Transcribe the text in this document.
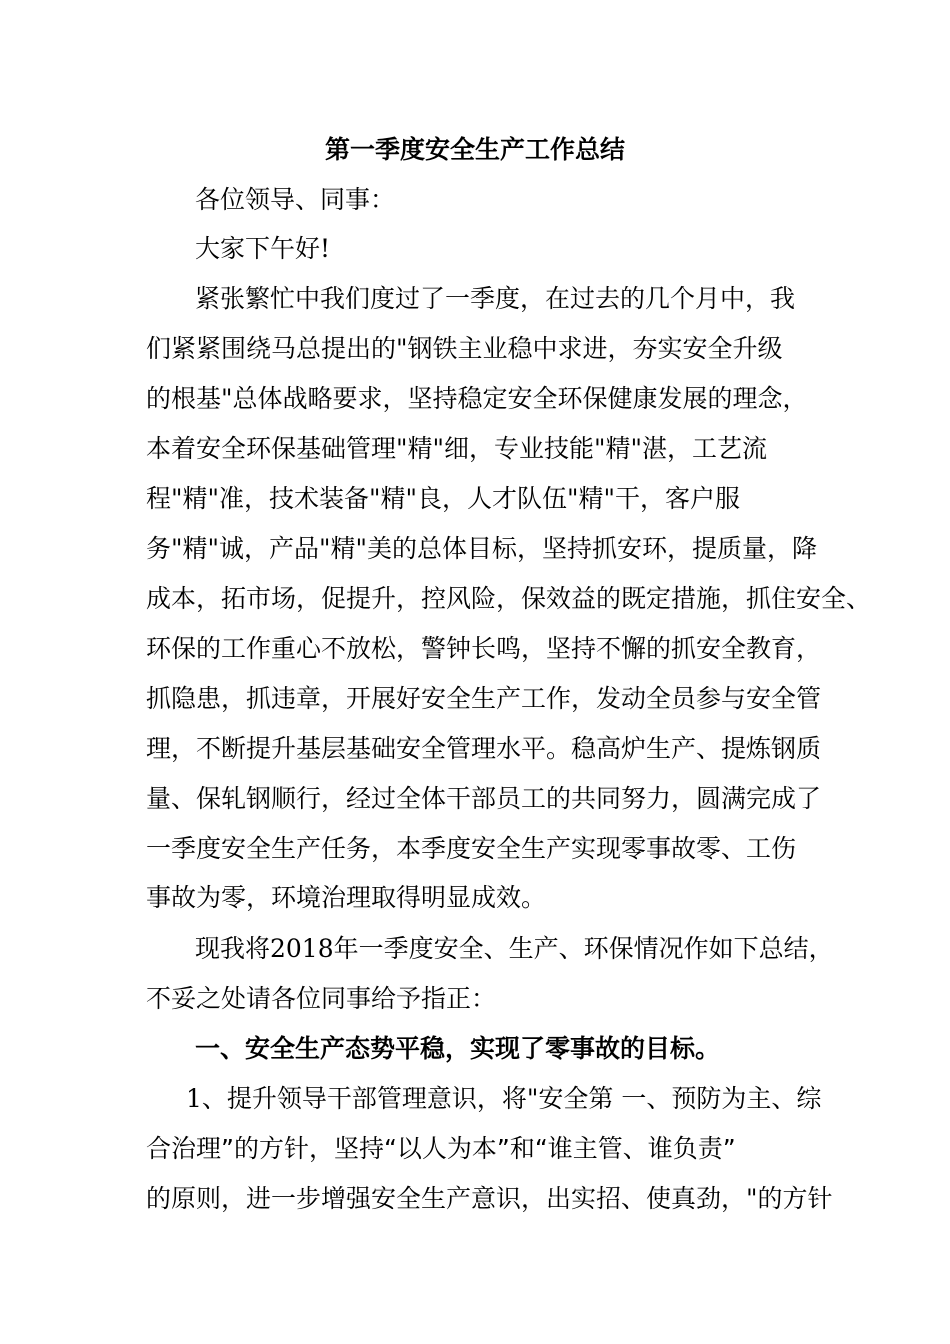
第一季度安全生产工作总结
各位领导、同事：
大家下午好!
紧张繁忙中我们度过了一季度，在过去的几个月中，我
们紧紧围绕马总提出的"钢铁主业稳中求进，夯实安全升级
的根基"总体战略要求，坚持稳定安全环保健康发展的理念，
本着安全环保基础管理"精"细，专业技能"精"湛，工艺流
程"精"准，技术装备"精"良，人才队伍"精"干，客户服
务"精"诚，产品"精"美的总体目标，坚持抓安环，提质量，降
成本，拓市场，促提升，控风险，保效益的既定措施，抓住安全、
环保的工作重心不放松，警钟长鸣，坚持不懈的抓安全教育，
抓隐患，抓违章，开展好安全生产工作，发动全员参与安全管
理，不断提升基层基础安全管理水平。稳高炉生产、提炼钢质
量、保轧钢顺行，经过全体干部员工的共同努力，圆满完成了
一季度安全生产任务，本季度安全生产实现零事故零、工伤
事故为零，环境治理取得明显成效。
现我将2018年一季度安全、生产、环保情况作如下总结，
不妥之处请各位同事给予指正：
一、安全生产态势平稳，实现了零事故的目标。
1、提升领导干部管理意识，将"安全第 一、预防为主、综
合治理”的方针，坚持“以人为本”和“谁主管、谁负责”
的原则，进一步增强安全生产意识，出实招、使真劲，"的方针
